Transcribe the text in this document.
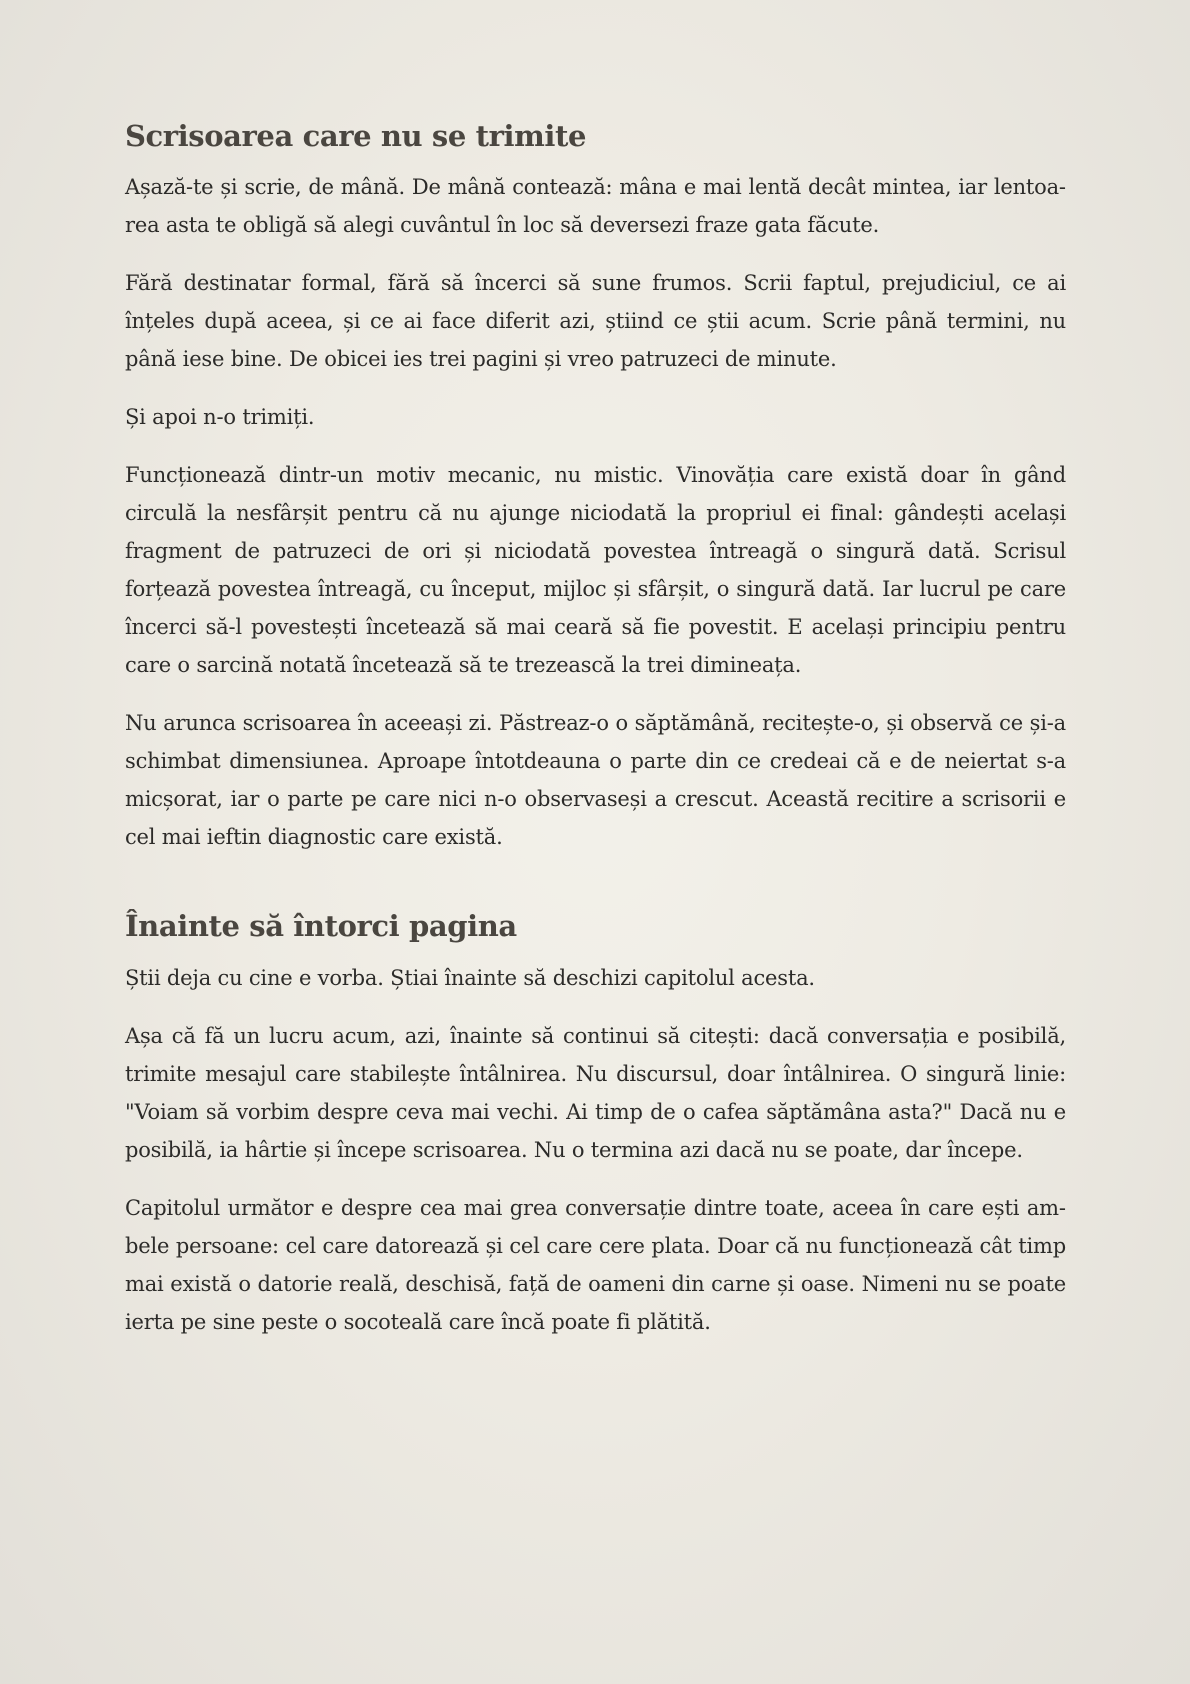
Scrisoarea care nu se trimite

Așază-te și scrie, de mână. De mână contează: mâna e mai lentă decât mintea, iar lentoarea asta te obligă să alegi cuvântul în loc să deversezi fraze gata făcute.

Fără destinatar formal, fără să încerci să sune frumos. Scrii faptul, prejudiciul, ce ai înțeles după aceea, și ce ai face diferit azi, știind ce știi acum. Scrie până termini, nu până iese bine. De obicei ies trei pagini și vreo patruzeci de minute.

Și apoi n-o trimiți.

Funcționează dintr-un motiv mecanic, nu mistic. Vinovăția care există doar în gând circulă la nesfârșit pentru că nu ajunge niciodată la propriul ei final: gândești același fragment de patruzeci de ori și niciodată povestea întreagă o singură dată. Scrisul forțează povestea întreagă, cu început, mijloc și sfârșit, o singură dată. Iar lucrul pe care încerci să-l povestești încetează să mai ceară să fie povestit. E același principiu pentru care o sarcină notată încetează să te trezească la trei dimineața.

Nu arunca scrisoarea în aceeași zi. Păstreaz-o o săptămână, recitește-o, și observă ce și-a schimbat dimensiunea. Aproape întotdeauna o parte din ce credeai că e de neiertat s-a micșorat, iar o parte pe care nici n-o observaseși a crescut. Această recitire a scrisorii e cel mai ieftin diagnostic care există.

Înainte să întorci pagina

Știi deja cu cine e vorba. Știai înainte să deschizi capitolul acesta.

Așa că fă un lucru acum, azi, înainte să continui să citești: dacă conversația e posibilă, trimite mesajul care stabilește întâlnirea. Nu discursul, doar întâlnirea. O singură linie: "Voiam să vorbim despre ceva mai vechi. Ai timp de o cafea săptămâna asta?" Dacă nu e posibilă, ia hârtie și începe scrisoarea. Nu o termina azi dacă nu se poate, dar începe.

Capitolul următor e despre cea mai grea conversație dintre toate, aceea în care ești ambele persoane: cel care datorează și cel care cere plata. Doar că nu funcționează cât timp mai există o datorie reală, deschisă, față de oameni din carne și oase. Nimeni nu se poate ierta pe sine peste o socoteală care încă poate fi plătită.
